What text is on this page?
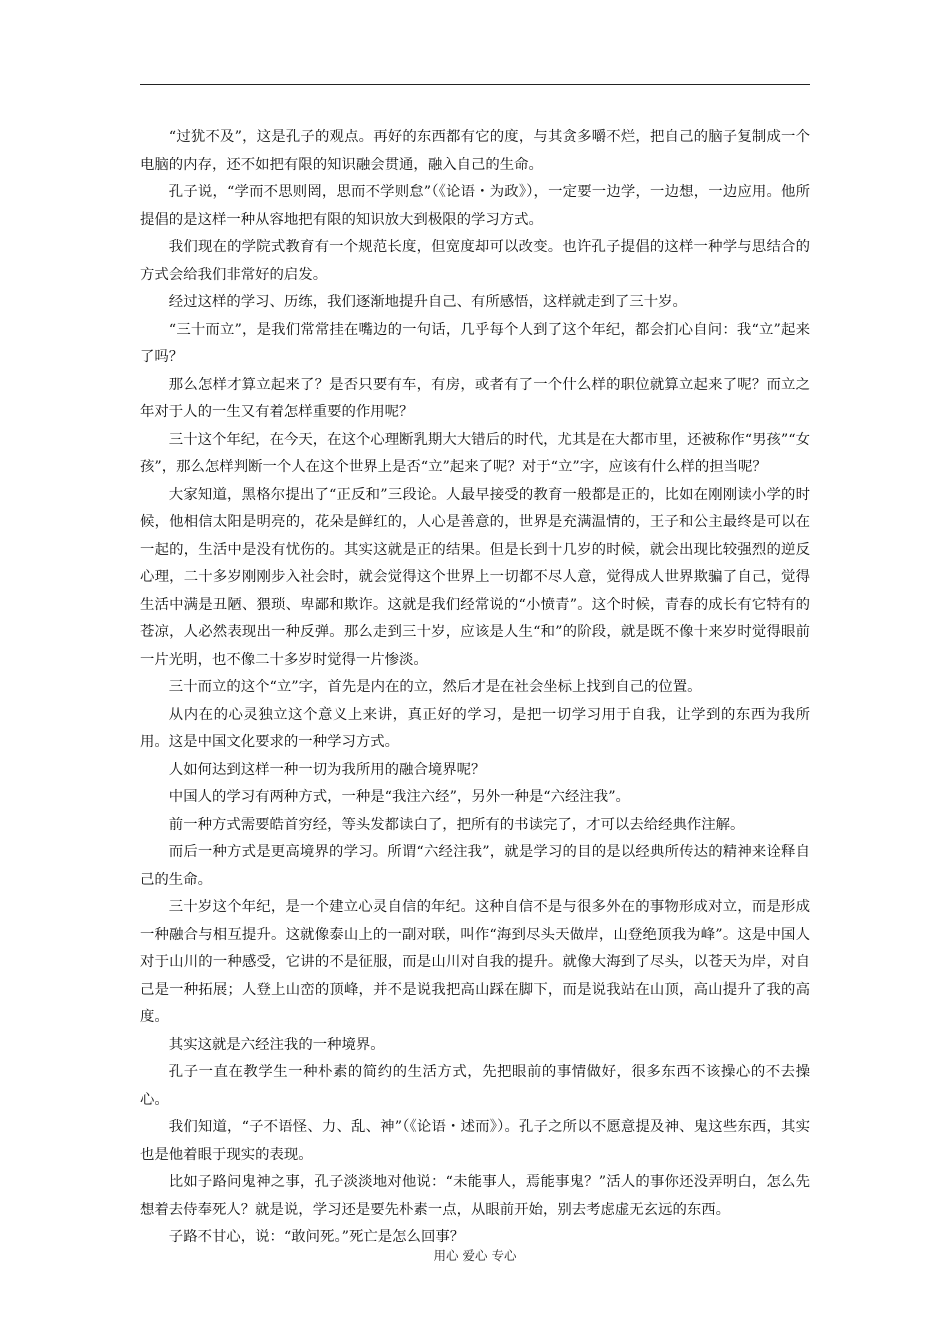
“过犹不及”，这是孔子的观点。再好的东西都有它的度，与其贪多嚼不烂，把自己的脑子复制成一个电脑的内存，还不如把有限的知识融会贯通，融入自己的生命。

孔子说，“学而不思则罔，思而不学则怠”（《论语・为政》），一定要一边学，一边想，一边应用。他所提倡的是这样一种从容地把有限的知识放大到极限的学习方式。

我们现在的学院式教育有一个规范长度，但宽度却可以改变。也许孔子提倡的这样一种学与思结合的方式会给我们非常好的启发。

经过这样的学习、历练，我们逐渐地提升自己、有所感悟，这样就走到了三十岁。

“三十而立”，是我们常常挂在嘴边的一句话，几乎每个人到了这个年纪，都会扪心自问：我“立”起来了吗？

那么怎样才算立起来了？是否只要有车，有房，或者有了一个什么样的职位就算立起来了呢？而立之年对于人的一生又有着怎样重要的作用呢？

三十这个年纪，在今天，在这个心理断乳期大大错后的时代，尤其是在大都市里，还被称作“男孩”“女孩”，那么怎样判断一个人在这个世界上是否“立”起来了呢？对于“立”字，应该有什么样的担当呢？

大家知道，黑格尔提出了“正反和”三段论。人最早接受的教育一般都是正的，比如在刚刚读小学的时候，他相信太阳是明亮的，花朵是鲜红的，人心是善意的，世界是充满温情的，王子和公主最终是可以在一起的，生活中是没有忧伤的。其实这就是正的结果。但是长到十几岁的时候，就会出现比较强烈的逆反心理，二十多岁刚刚步入社会时，就会觉得这个世界上一切都不尽人意，觉得成人世界欺骗了自己，觉得生活中满是丑陋、猥琐、卑鄙和欺诈。这就是我们经常说的“小愤青”。这个时候，青春的成长有它特有的苍凉，人必然表现出一种反弹。那么走到三十岁，应该是人生“和”的阶段，就是既不像十来岁时觉得眼前一片光明，也不像二十多岁时觉得一片惨淡。

三十而立的这个“立”字，首先是内在的立，然后才是在社会坐标上找到自己的位置。

从内在的心灵独立这个意义上来讲，真正好的学习，是把一切学习用于自我，让学到的东西为我所用。这是中国文化要求的一种学习方式。

人如何达到这样一种一切为我所用的融合境界呢？

中国人的学习有两种方式，一种是“我注六经”，另外一种是“六经注我”。

前一种方式需要皓首穷经，等头发都读白了，把所有的书读完了，才可以去给经典作注解。

而后一种方式是更高境界的学习。所谓“六经注我”，就是学习的目的是以经典所传达的精神来诠释自己的生命。

三十岁这个年纪，是一个建立心灵自信的年纪。这种自信不是与很多外在的事物形成对立，而是形成一种融合与相互提升。这就像泰山上的一副对联，叫作“海到尽头天做岸，山登绝顶我为峰”。这是中国人对于山川的一种感受，它讲的不是征服，而是山川对自我的提升。就像大海到了尽头，以苍天为岸，对自己是一种拓展；人登上山峦的顶峰，并不是说我把高山踩在脚下，而是说我站在山顶，高山提升了我的高度。

其实这就是六经注我的一种境界。

孔子一直在教学生一种朴素的简约的生活方式，先把眼前的事情做好，很多东西不该操心的不去操心。

我们知道，“子不语怪、力、乱、神”（《论语・述而》）。孔子之所以不愿意提及神、鬼这些东西，其实也是他着眼于现实的表现。

比如子路问鬼神之事，孔子淡淡地对他说：“未能事人，焉能事鬼？”活人的事你还没弄明白，怎么先想着去侍奉死人？就是说，学习还是要先朴素一点，从眼前开始，别去考虑虚无玄远的东西。

子路不甘心，说：“敢问死。”死亡是怎么回事？

用心 爱心 专心
